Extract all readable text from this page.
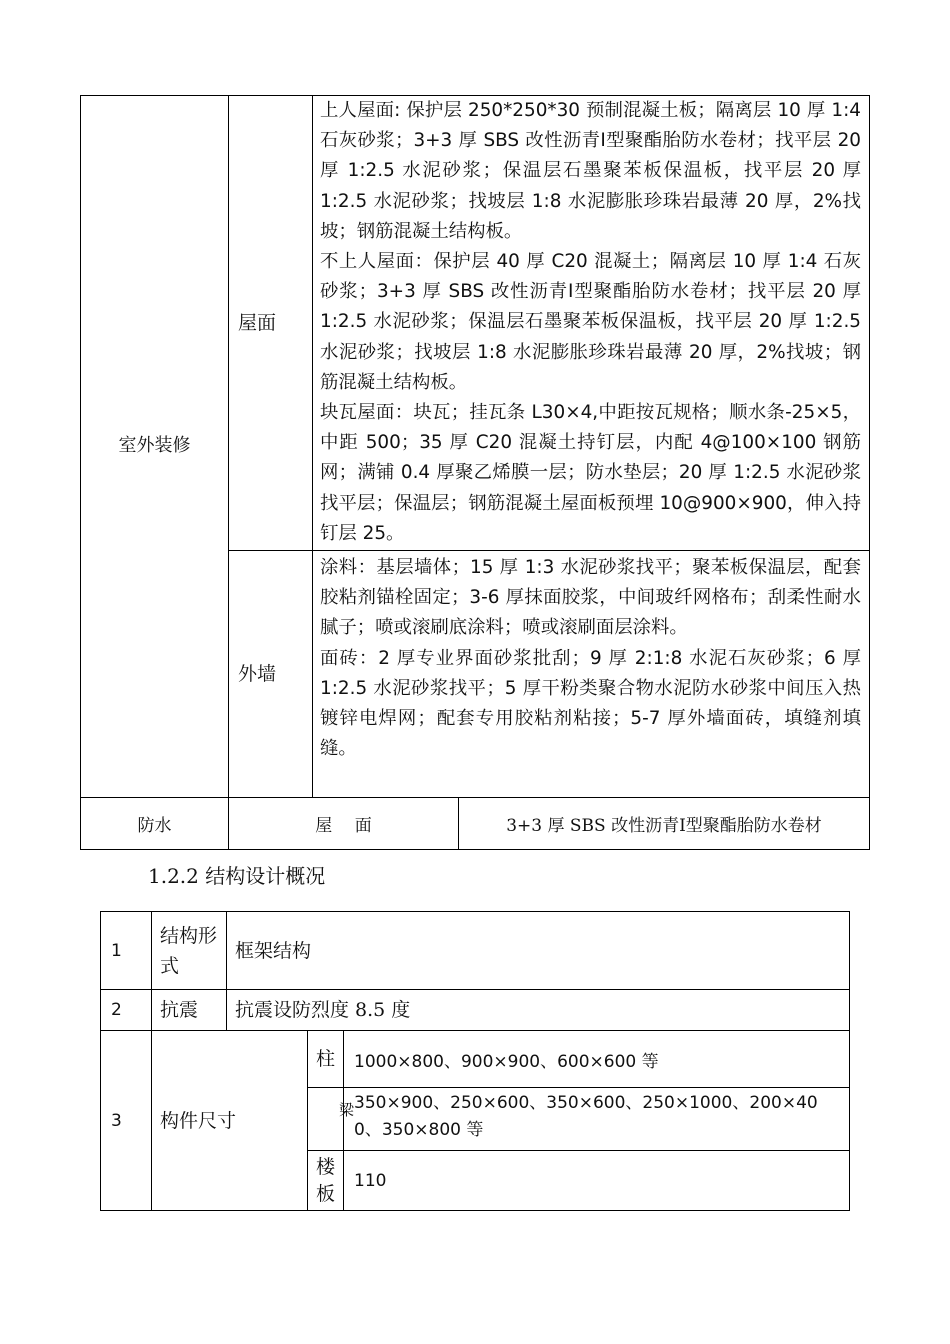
室外装修
屋面

上人屋面: 保护层 250*250*30 预制混凝土板；隔离层 10 厚 1:4 石灰砂浆；3+3 厚 SBS 改性沥青Ⅰ型聚酯胎防水卷材；找平层 20 厚 1:2.5 水泥砂浆；保温层石墨聚苯板保温板，找平层 20 厚 1:2.5 水泥砂浆；找坡层 1:8 水泥膨胀珍珠岩最薄 20 厚，2%找坡；钢筋混凝土结构板。

不上人屋面：保护层 40 厚 C20 混凝土；隔离层 10 厚 1:4 石灰砂浆；3+3 厚 SBS 改性沥青Ⅰ型聚酯胎防水卷材；找平层 20 厚 1:2.5 水泥砂浆；保温层石墨聚苯板保温板，找平层 20 厚 1:2.5 水泥砂浆；找坡层 1:8 水泥膨胀珍珠岩最薄 20 厚，2%找坡；钢筋混凝土结构板。

块瓦屋面：块瓦；挂瓦条 L30×4,中距按瓦规格；顺水条-25×5，中距 500；35 厚 C20 混凝土持钉层，内配 4@100×100 钢筋网；满铺 0.4 厚聚乙烯膜一层；防水垫层；20 厚 1:2.5 水泥砂浆找平层；保温层；钢筋混凝土屋面板预埋 10@900×900，伸入持钉层 25。

外墙

涂料：基层墙体；15 厚 1:3 水泥砂浆找平；聚苯板保温层，配套胶粘剂锚栓固定；3-6 厚抹面胶浆，中间玻纤网格布；刮柔性耐水腻子；喷或滚刷底涂料；喷或滚刷面层涂料。

面砖：2 厚专业界面砂浆批刮；9 厚 2:1:8 水泥石灰砂浆；6 厚 1:2.5 水泥砂浆找平；5 厚干粉类聚合物水泥防水砂浆中间压入热镀锌电焊网；配套专用胶粘剂粘接；5-7 厚外墙面砖，填缝剂填缝。

防水	屋　 面	3+3 厚 SBS 改性沥青Ⅰ型聚酯胎防水卷材
1.2.2 结构设计概况
1
结构形式
框架结构
2 抗震 抗震设防烈度 8.5 度
3 构件尺寸
柱 1000×800、900×900、600×600 等
梁 350×900、250×600、350×600、250×1000、200×400、350×800 等
楼板
110
